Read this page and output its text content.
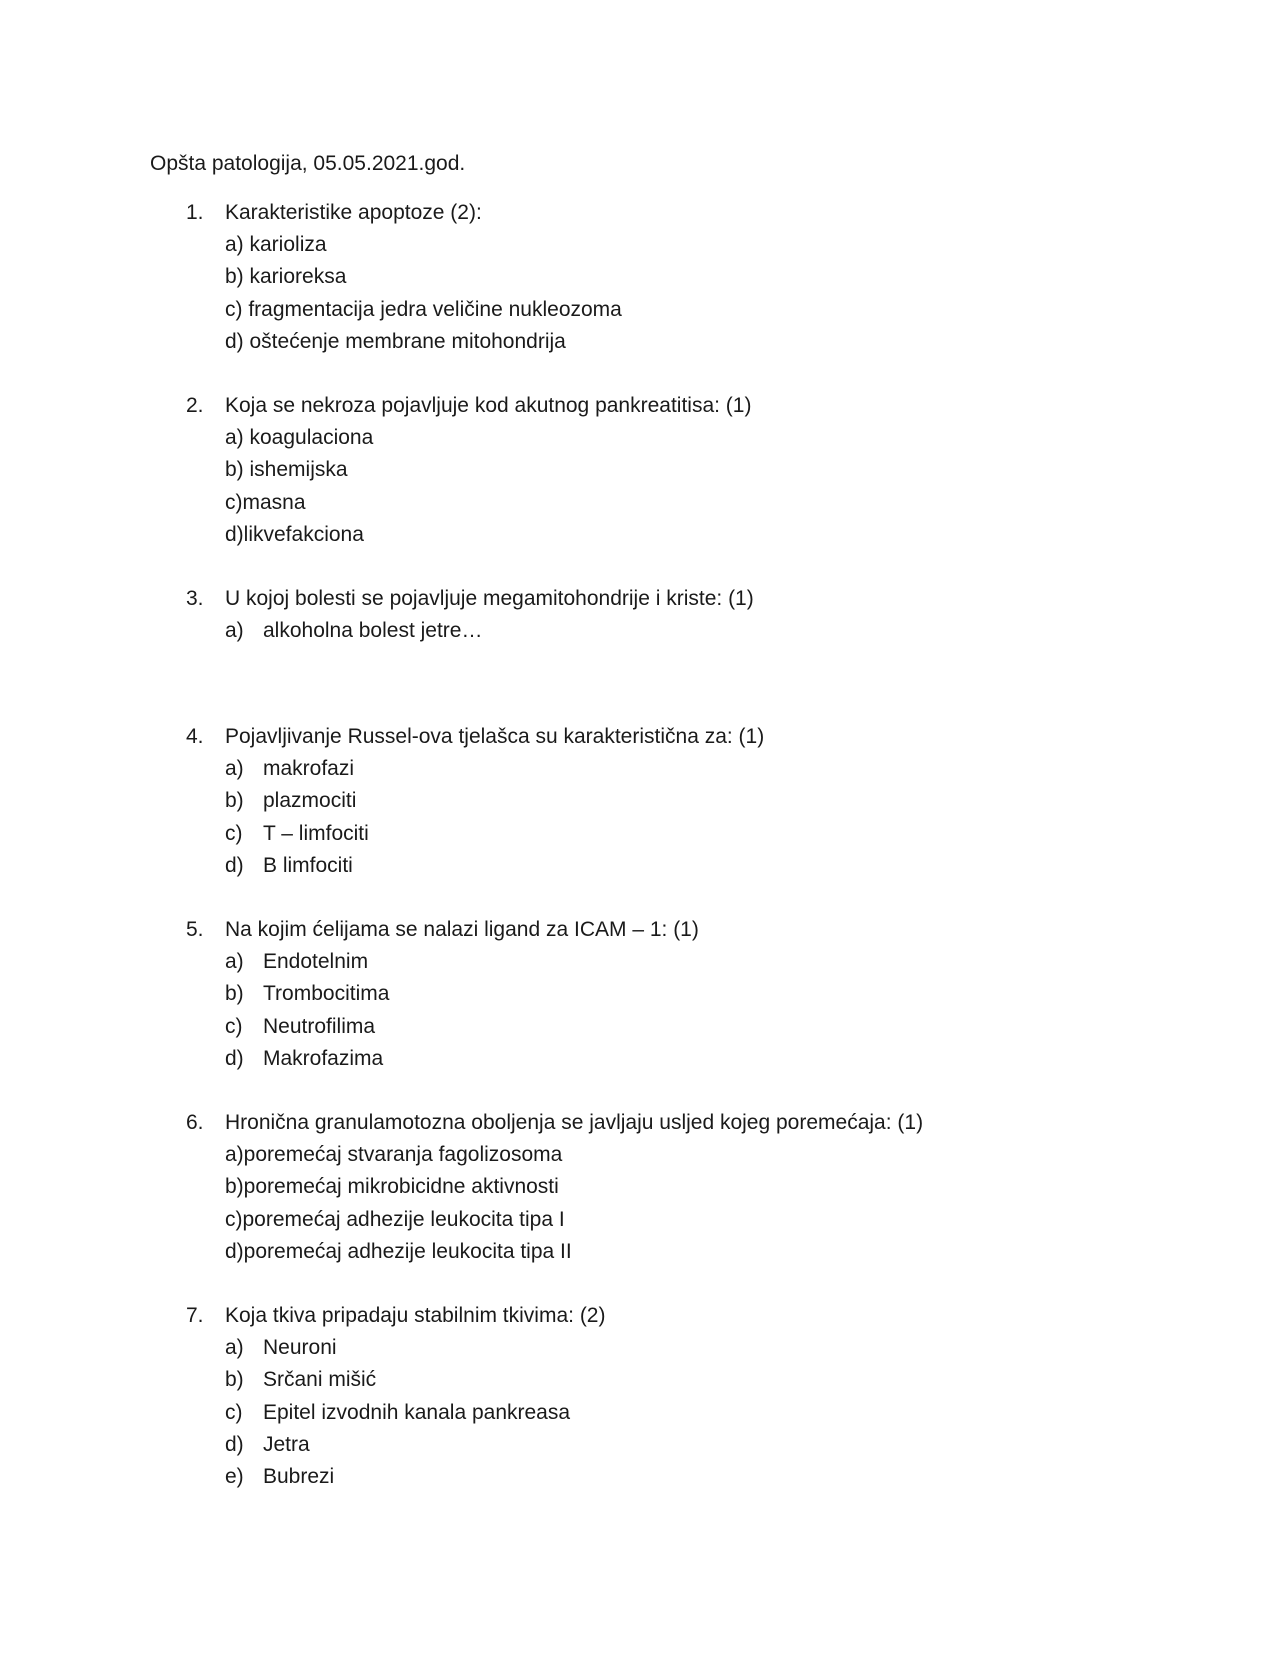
Opšta patologija, 05.05.2021.god.
1. Karakteristike apoptoze (2):
a) karioliza
b) karioreksa
c) fragmentacija jedra veličine nukleozoma
d) oštećenje membrane mitohondrija
2. Koja se nekroza pojavljuje kod akutnog pankreatitisa: (1)
a) koagulaciona
b) ishemijska
c)masna
d)likvefakciona
3. U kojoj bolesti se pojavljuje megamitohondrije i kriste: (1)
a) alkoholna bolest jetre…
4. Pojavljivanje Russel-ova tjelašca su karakteristična za: (1)
a) makrofazi
b) plazmociti
c) T – limfociti
d) B limfociti
5. Na kojim ćelijama se nalazi ligand za ICAM – 1: (1)
a) Endotelnim
b) Trombocitima
c) Neutrofilima
d) Makrofazima
6. Hronična granulamotozna oboljenja se javljaju usljed kojeg poremećaja: (1)
a)poremećaj stvaranja fagolizosoma
b)poremećaj mikrobicidne aktivnosti
c)poremećaj adhezije leukocita tipa I
d)poremećaj adhezije leukocita tipa II
7. Koja tkiva pripadaju stabilnim tkivima: (2)
a) Neuroni
b) Srčani mišić
c) Epitel izvodnih kanala pankreasa
d) Jetra
e) Bubrezi
